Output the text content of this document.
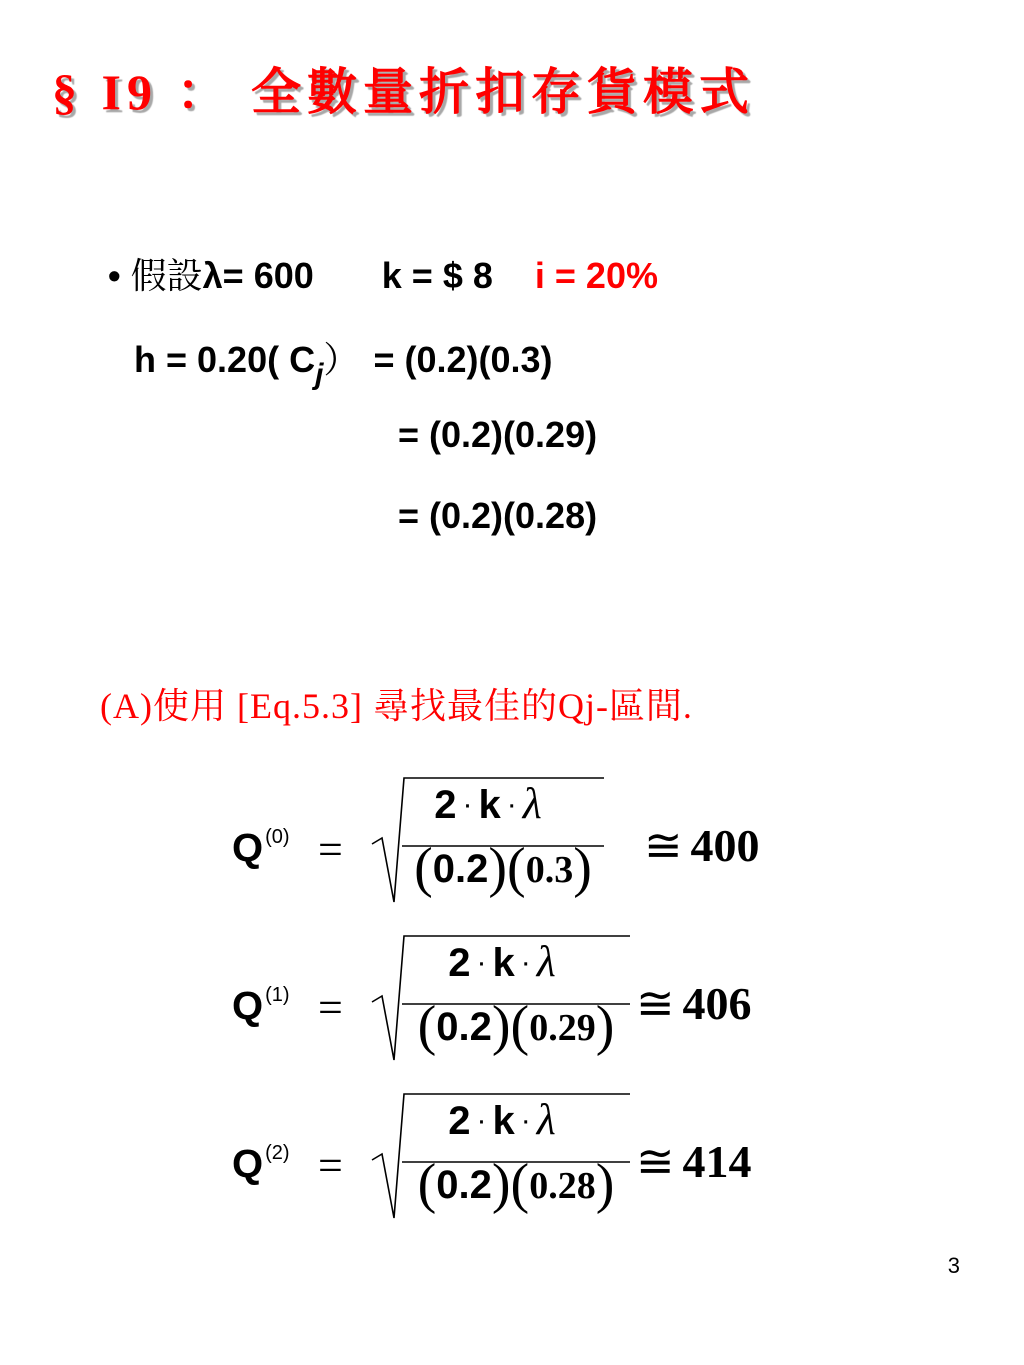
§ I9 ： 全數量折扣存貨模式
• 假設λ= 600 k = $ 8 i = 20%
h = 0.20( $C_j) = (0.2)(0.3)$
= (0.2)(0.29)
= (0.2)(0.28)
(A)使用 [Eq.5.3] 尋找最佳的Qj-區間.
Q $^{(0)}$ =
2 · k · λ
(0.2)(0.3)	≅ 400
Q $^{(1)}$ =
2 · k · λ
(0.2)(0.29) ≅ 406
Q $^{(2)}$ =
2 · k · λ
(0.2)(0.28) ≅ 414
3
